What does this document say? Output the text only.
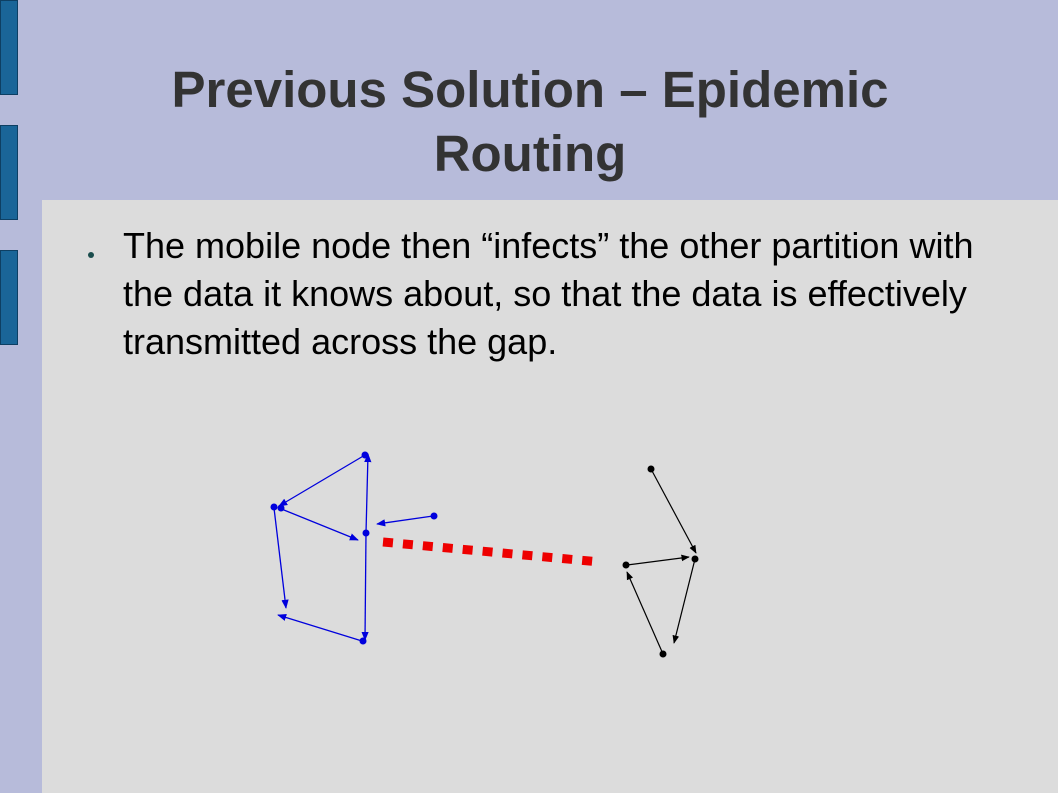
Previous Solution – Epidemic
Routing
The mobile node then “infects” the other partition with the data it knows about, so that the data is effectively transmitted across the gap.
